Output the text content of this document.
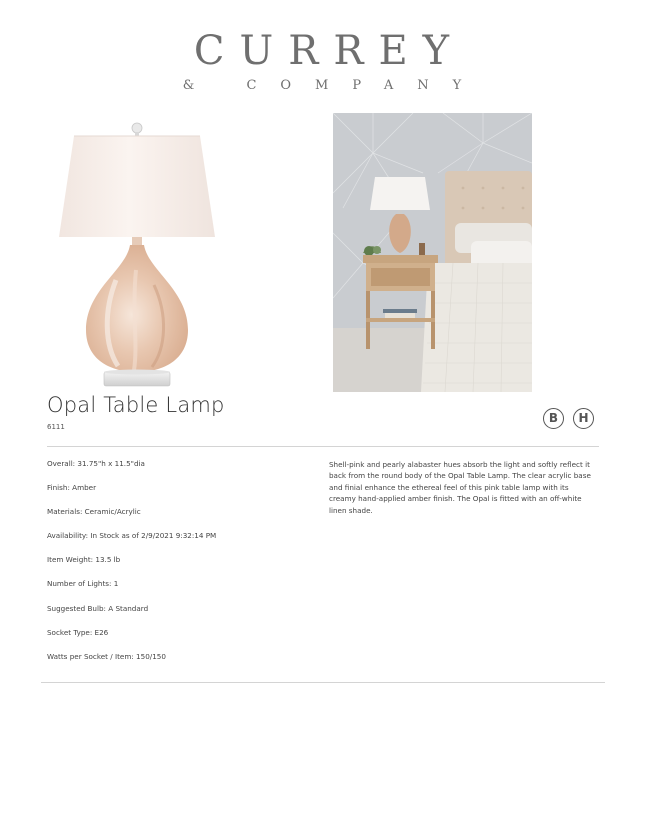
CURREY
& COMPANY
Opal Table Lamp
6111
B	H
Overall: 31.75"h x 11.5"dia
Finish: Amber
Materials: Ceramic/Acrylic
Availability: In Stock as of 2/9/2021 9:32:14 PM
Item Weight: 13.5 lb
Number of Lights: 1
Suggested Bulb: A Standard
Socket Type: E26
Watts per Socket / Item: 150/150
Shell-pink and pearly alabaster hues absorb the light and softly reflect it back from the round body of the Opal Table Lamp. The clear acrylic base and finial enhance the ethereal feel of this pink table lamp with its creamy hand-applied amber finish. The Opal is fitted with an off-white linen shade.
